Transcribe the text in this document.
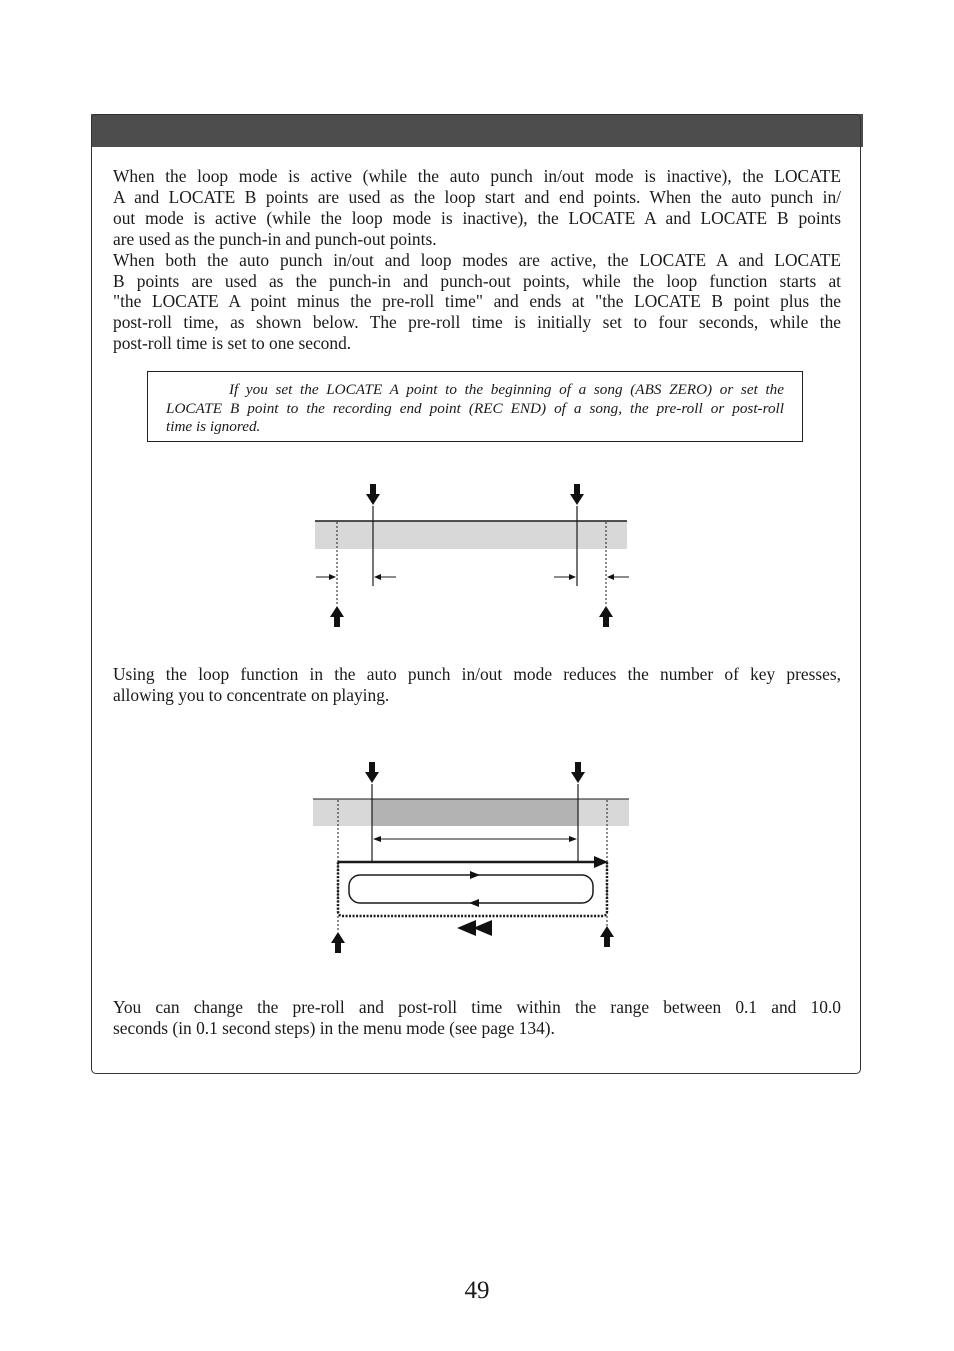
When the loop mode is active (while the auto punch in/out mode is inactive), the LOCATE
A and LOCATE B points are used as the loop start and end points. When the auto punch in/
out mode is active (while the loop mode is inactive), the LOCATE A and LOCATE B points
are used as the punch-in and punch-out points.
When both the auto punch in/out and loop modes are active, the LOCATE A and LOCATE
B points are used as the punch-in and punch-out points, while the loop function starts at
"the LOCATE A point minus the pre-roll time" and ends at "the LOCATE B point plus the
post-roll time, as shown below. The pre-roll time is initially set to four seconds, while the
post-roll time is set to one second.
If you set the LOCATE A point to the beginning of a song (ABS ZERO) or set the
LOCATE B point to the recording end point (REC END) of a song, the pre-roll or post-roll
time is ignored.
Using the loop function in the auto punch in/out mode reduces the number of key presses,
allowing you to concentrate on playing.
You can change the pre-roll and post-roll time within the range between 0.1 and 10.0
seconds (in 0.1 second steps) in the menu mode (see page 134).
49
